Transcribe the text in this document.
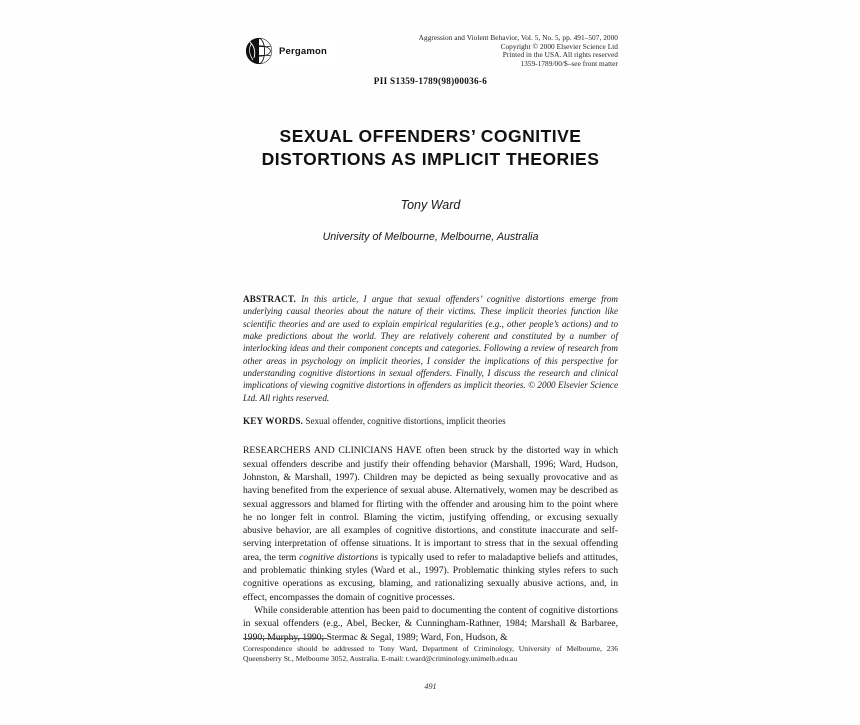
Pergamon
Aggression and Violent Behavior, Vol. 5, No. 5, pp. 491–507, 2000
Copyright © 2000 Elsevier Science Ltd
Printed in the USA. All rights reserved
1359-1789/00/$–see front matter
PII S1359-1789(98)00036-6
SEXUAL OFFENDERS’ COGNITIVE
DISTORTIONS AS IMPLICIT THEORIES
Tony Ward
University of Melbourne, Melbourne, Australia
ABSTRACT. In this article, I argue that sexual offenders’ cognitive distortions emerge from underlying causal theories about the nature of their victims. These implicit theories function like scientific theories and are used to explain empirical regularities (e.g., other people’s actions) and to make predictions about the world. They are relatively coherent and constituted by a number of interlocking ideas and their component concepts and categories. Following a review of research from other areas in psychology on implicit theories, I consider the implications of this perspective for understanding cognitive distortions in sexual offenders. Finally, I discuss the research and clinical implications of viewing cognitive distortions in offenders as implicit theories. © 2000 Elsevier Science Ltd. All rights reserved.
KEY WORDS. Sexual offender, cognitive distortions, implicit theories

RESEARCHERS AND CLINICIANS HAVE often been struck by the distorted way in which sexual offenders describe and justify their offending behavior (Marshall, 1996; Ward, Hudson, Johnston, & Marshall, 1997). Children may be depicted as being sexually provocative and as having benefited from the experience of sexual abuse. Alternatively, women may be described as sexual aggressors and blamed for flirting with the offender and arousing him to the point where he no longer felt in control. Blaming the victim, justifying offending, or excusing sexually abusive behavior, are all examples of cognitive distortions, and constitute inaccurate and self-serving interpretation of offense situations. It is important to stress that in the sexual offending area, the term cognitive distortions is typically used to refer to maladaptive beliefs and attitudes, and problematic thinking styles (Ward et al., 1997). Problematic thinking styles refers to such cognitive operations as excusing, blaming, and rationalizing sexually abusive actions, and, in effect, encompasses the domain of cognitive processes.

While considerable attention has been paid to documenting the content of cognitive distortions in sexual offenders (e.g., Abel, Becker, & Cunningham-Rathner, 1984; Marshall & Barbaree, 1990; Murphy, 1990; Stermac & Segal, 1989; Ward, Fon, Hudson, &

Correspondence should be addressed to Tony Ward, Department of Criminology, University of Melbourne, 236 Queensberry St., Melbourne 3052, Australia. E-mail: t.ward@criminology.unimelb.edu.au
491
